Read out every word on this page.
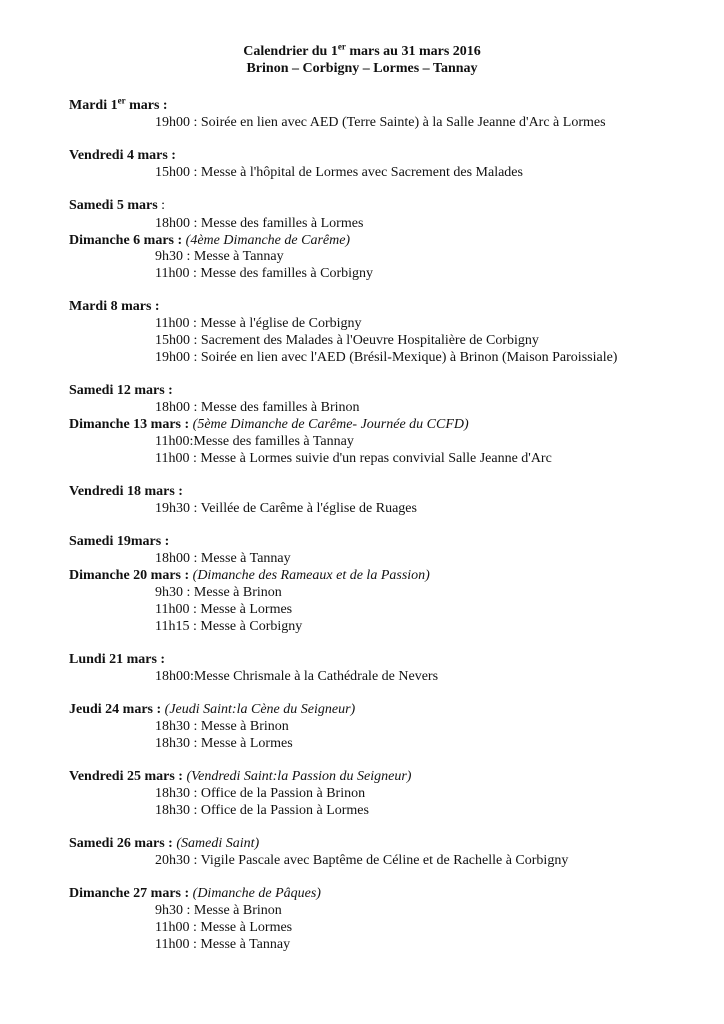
Calendrier du 1er mars au 31 mars 2016
Brinon – Corbigny – Lormes – Tannay
Mardi 1er mars :
19h00 : Soirée en lien avec AED (Terre Sainte) à la Salle Jeanne d'Arc à Lormes
Vendredi 4 mars :
15h00 : Messe à l'hôpital de Lormes avec Sacrement des Malades
Samedi 5 mars :
18h00 : Messe des familles à Lormes
Dimanche 6 mars : (4ème Dimanche de Carême)
9h30 : Messe à Tannay
11h00 : Messe des familles à Corbigny
Mardi 8 mars :
11h00 : Messe à l'église de Corbigny
15h00 : Sacrement des Malades à l'Oeuvre Hospitalière de Corbigny
19h00 : Soirée en lien avec l'AED (Brésil-Mexique) à Brinon (Maison Paroissiale)
Samedi 12 mars :
18h00 : Messe des familles à Brinon
Dimanche 13 mars : (5ème Dimanche de Carême- Journée du CCFD)
11h00:Messe des familles à Tannay
11h00 : Messe à Lormes suivie d'un repas convivial Salle Jeanne d'Arc
Vendredi 18 mars :
19h30 : Veillée de Carême à l'église de Ruages
Samedi 19mars :
18h00 : Messe à Tannay
Dimanche 20 mars : (Dimanche des Rameaux et de la Passion)
9h30 : Messe à Brinon
11h00 : Messe à Lormes
11h15 : Messe à Corbigny
Lundi 21 mars :
18h00:Messe Chrismale à la Cathédrale de Nevers
Jeudi 24 mars : (Jeudi Saint:la Cène du Seigneur)
18h30 : Messe à Brinon
18h30 : Messe à Lormes
Vendredi 25 mars : (Vendredi Saint:la Passion du Seigneur)
18h30 : Office de la Passion à Brinon
18h30 : Office de la Passion à Lormes
Samedi 26 mars : (Samedi Saint)
20h30 : Vigile Pascale avec Baptême de Céline et de Rachelle à Corbigny
Dimanche 27 mars : (Dimanche de Pâques)
9h30 : Messe à Brinon
11h00 : Messe à Lormes
11h00 : Messe à Tannay
